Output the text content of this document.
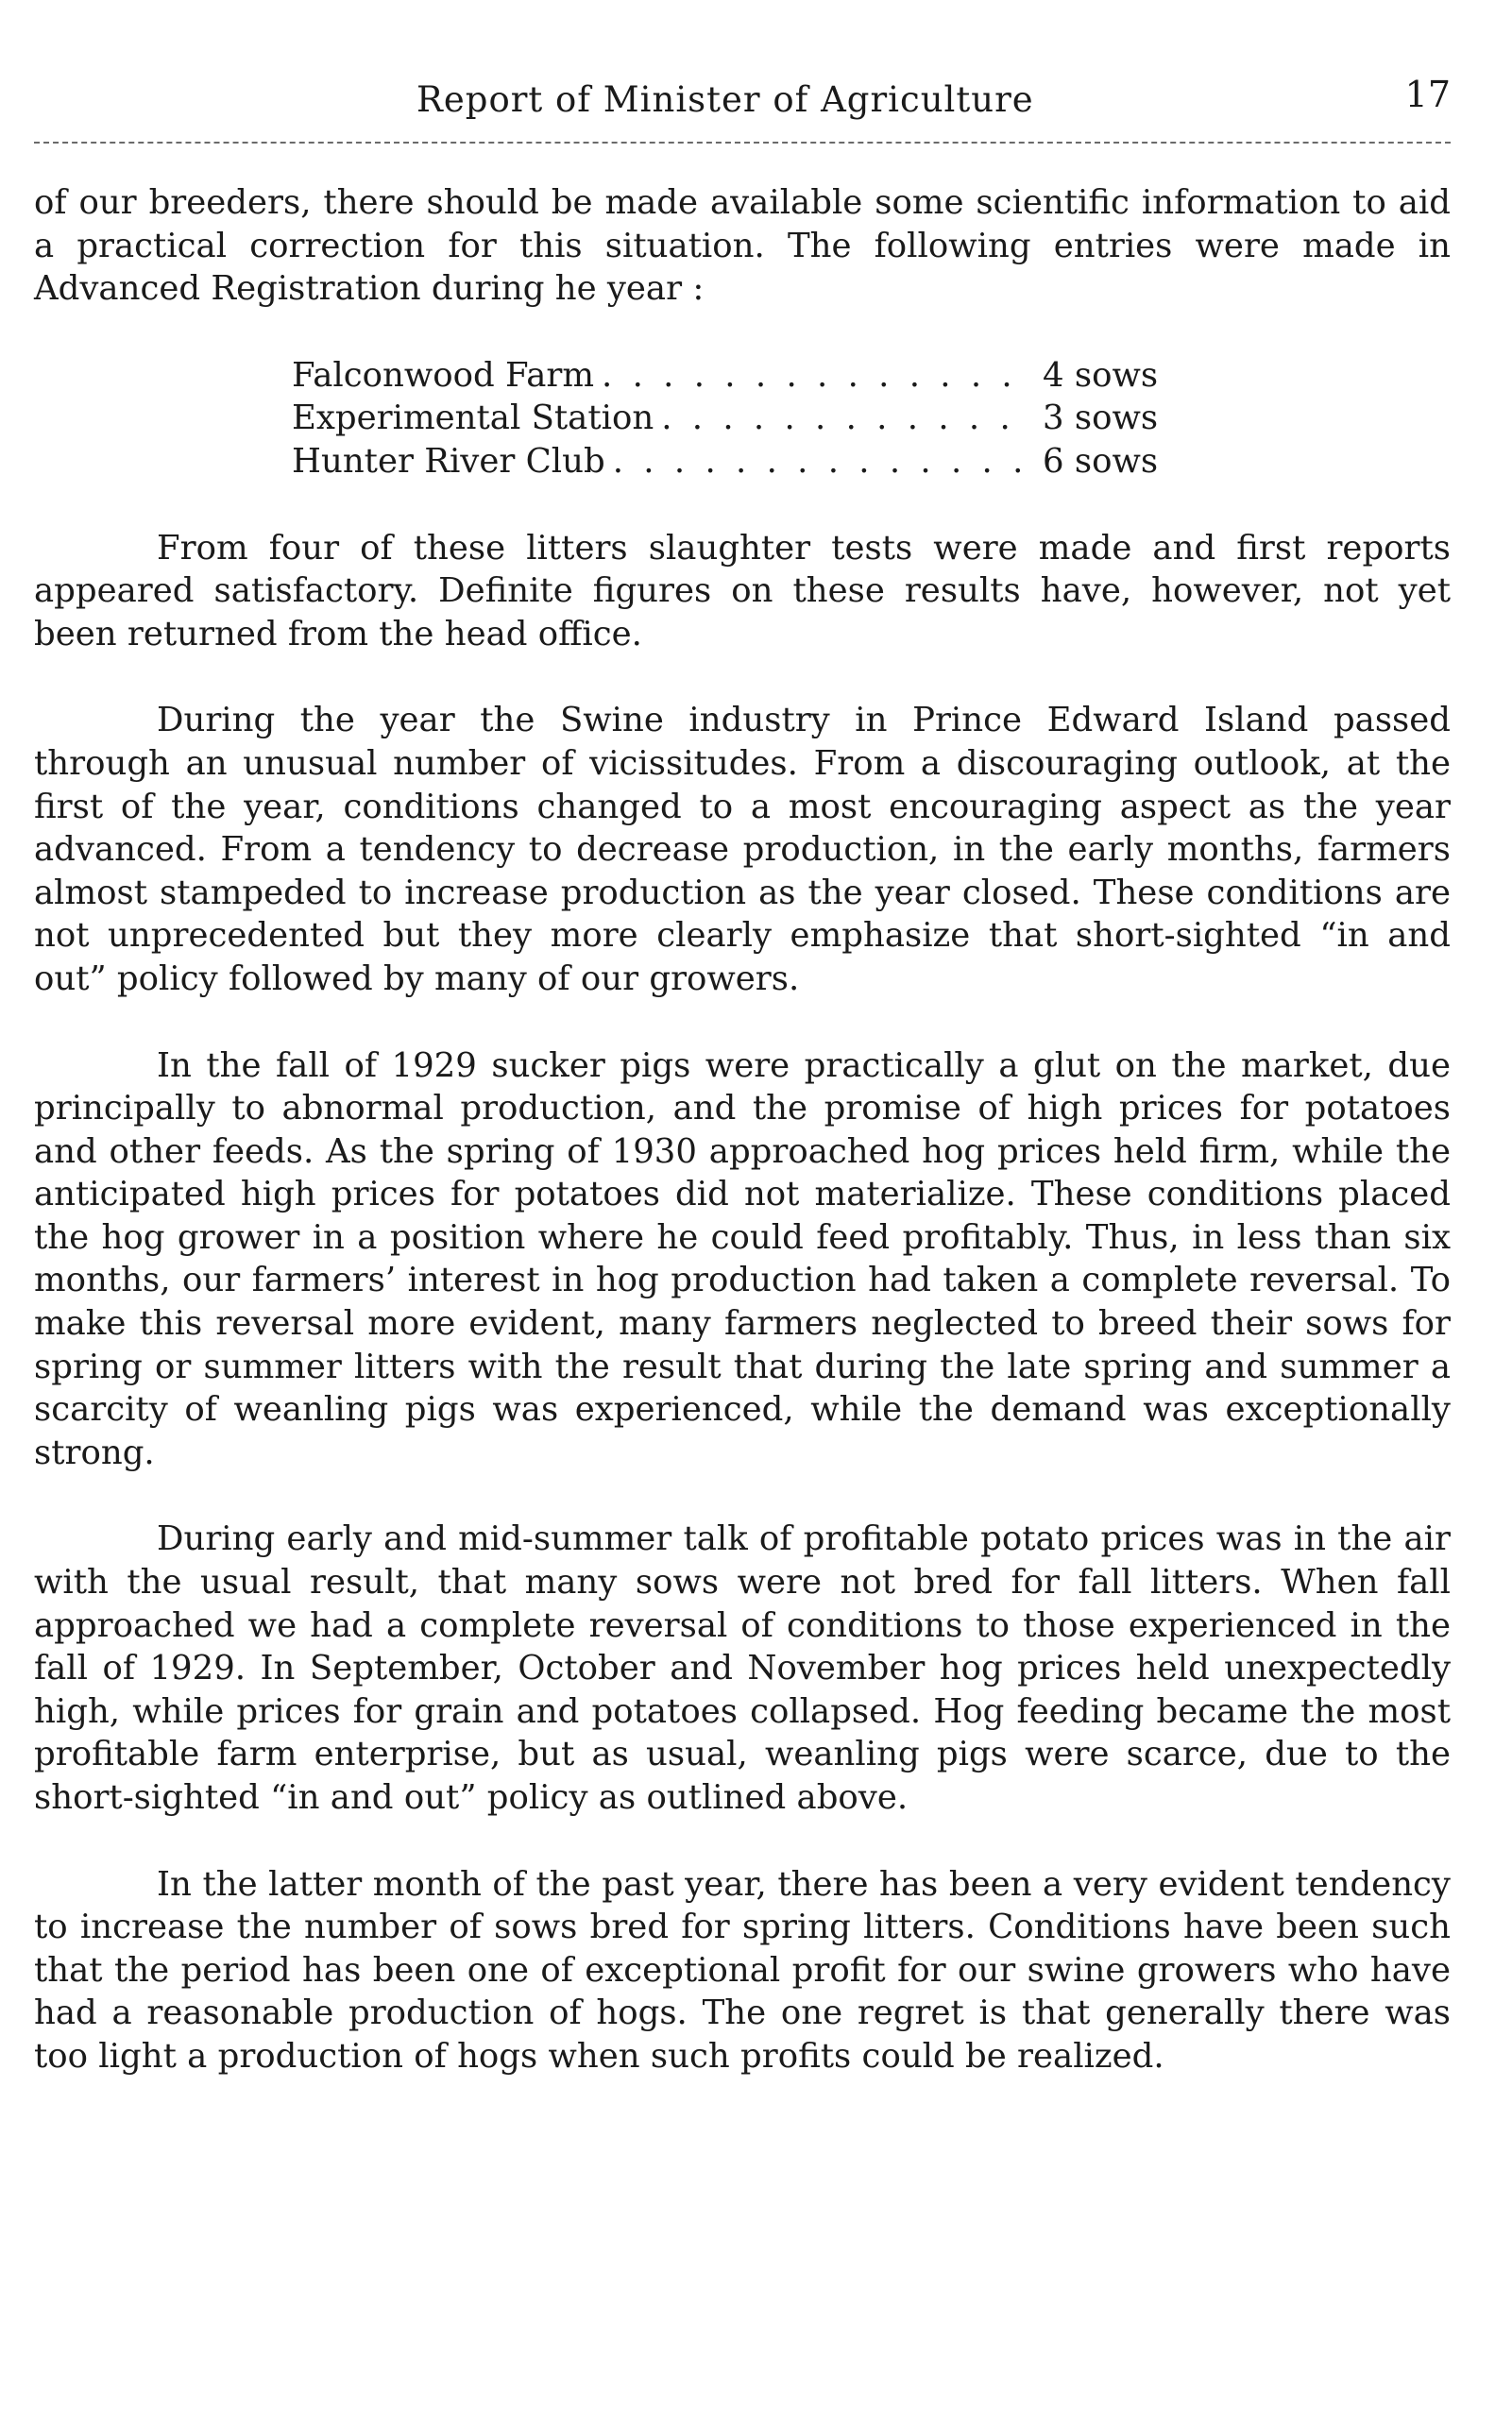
Report of Minister of Agriculture	17

of our breeders, there should be made available some scientific information to aid a practical correction for this situation. The following entries were made in Advanced Registration during he year :

Falconwood Farm . . .	4 sows
Experimental Station . . .	3 sows
Hunter River Club . . .	6 sows

From four of these litters slaughter tests were made and first reports appeared satisfactory. Definite figures on these results have, however, not yet been returned from the head office.

During the year the Swine industry in Prince Edward Island passed through an unusual number of vicissitudes. From a discouraging outlook, at the first of the year, conditions changed to a most encouraging aspect as the year advanced. From a tendency to decrease production, in the early months, farmers almost stampeded to increase production as the year closed. These conditions are not unprecedented but they more clearly emphasize that short-sighted “in and out” policy followed by many of our growers.

In the fall of 1929 sucker pigs were practically a glut on the market, due principally to abnormal production, and the promise of high prices for potatoes and other feeds. As the spring of 1930 approached hog prices held firm, while the anticipated high prices for potatoes did not materialize. These conditions placed the hog grower in a position where he could feed profitably. Thus, in less than six months, our farmers’ interest in hog production had taken a complete reversal. To make this reversal more evident, many farmers neglected to breed their sows for spring or summer litters with the result that during the late spring and summer a scarcity of weanling pigs was experienced, while the demand was exceptionally strong.

During early and mid-summer talk of profitable potato prices was in the air with the usual result, that many sows were not bred for fall litters. When fall approached we had a complete reversal of conditions to those experienced in the fall of 1929. In September, October and November hog prices held unexpectedly high, while prices for grain and potatoes collapsed. Hog feeding became the most profitable farm enterprise, but as usual, weanling pigs were scarce, due to the short-sighted “in and out” policy as outlined above.

In the latter month of the past year, there has been a very evident tendency to increase the number of sows bred for spring litters. Conditions have been such that the period has been one of exceptional profit for our swine growers who have had a reasonable production of hogs. The one regret is that generally there was too light a production of hogs when such profits could be realized.
